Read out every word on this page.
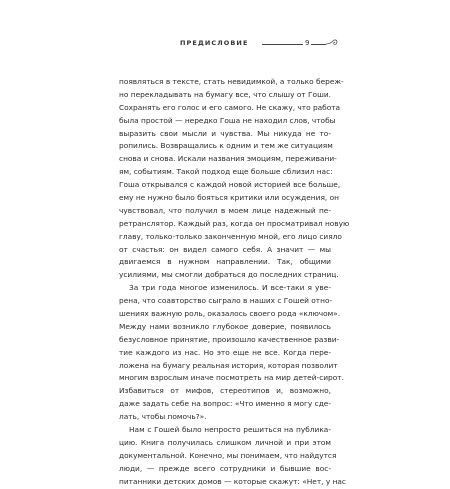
ПРЕДИСЛОВИЕ	9
появляться в тексте, стать невидимкой, а только береж-
но перекладывать на бумагу все, что слышу от Гоши.
Сохранять его голос и его самого. Не скажу, что работа
была простой — нередко Гоша не находил слов, чтобы
выразить свои мысли и чувства. Мы никуда не то-
ропились. Возвращались к одним и тем же ситуациям
снова и снова. Искали названия эмоциям, переживани-
ям, событиям. Такой подход еще больше сблизил нас:
Гоша открывался с каждой новой историей все больше,
ему не нужно было бояться критики или осуждения, он
чувствовал, что получил в моем лице надежный пе-
ретранслятор. Каждый раз, когда он просматривал новую
главу, только-только законченную мной, его лицо сияло
от счастья: он видел самого себя. А значит — мы
двигаемся в нужном направлении. Так, общими
усилиями, мы смогли добраться до последних страниц.
За три года многое изменилось. И все-таки я уве-
рена, что соавторство сыграло в наших с Гошей отно-
шениях важную роль, оказалось своего рода «ключом».
Между нами возникло глубокое доверие, появилось
безусловное принятие, произошло качественное разви-
тие каждого из нас. Но это еще не все. Когда пере-
ложена на бумагу реальная история, которая позволит
многим взрослым иначе посмотреть на мир детей-сирот.
Избавиться от мифов, стереотипов и, возможно,
даже задать себе на вопрос: «Что именно я могу сде-
лать, чтобы помочь?».
Нам с Гошей было непросто решиться на публика-
цию. Книга получилась слишком личной и при этом
документальной. Конечно, мы понимаем, что найдутся
люди, — прежде всего сотрудники и бывшие вос-
питанники детских домов — которые скажут: «Нет, у нас
